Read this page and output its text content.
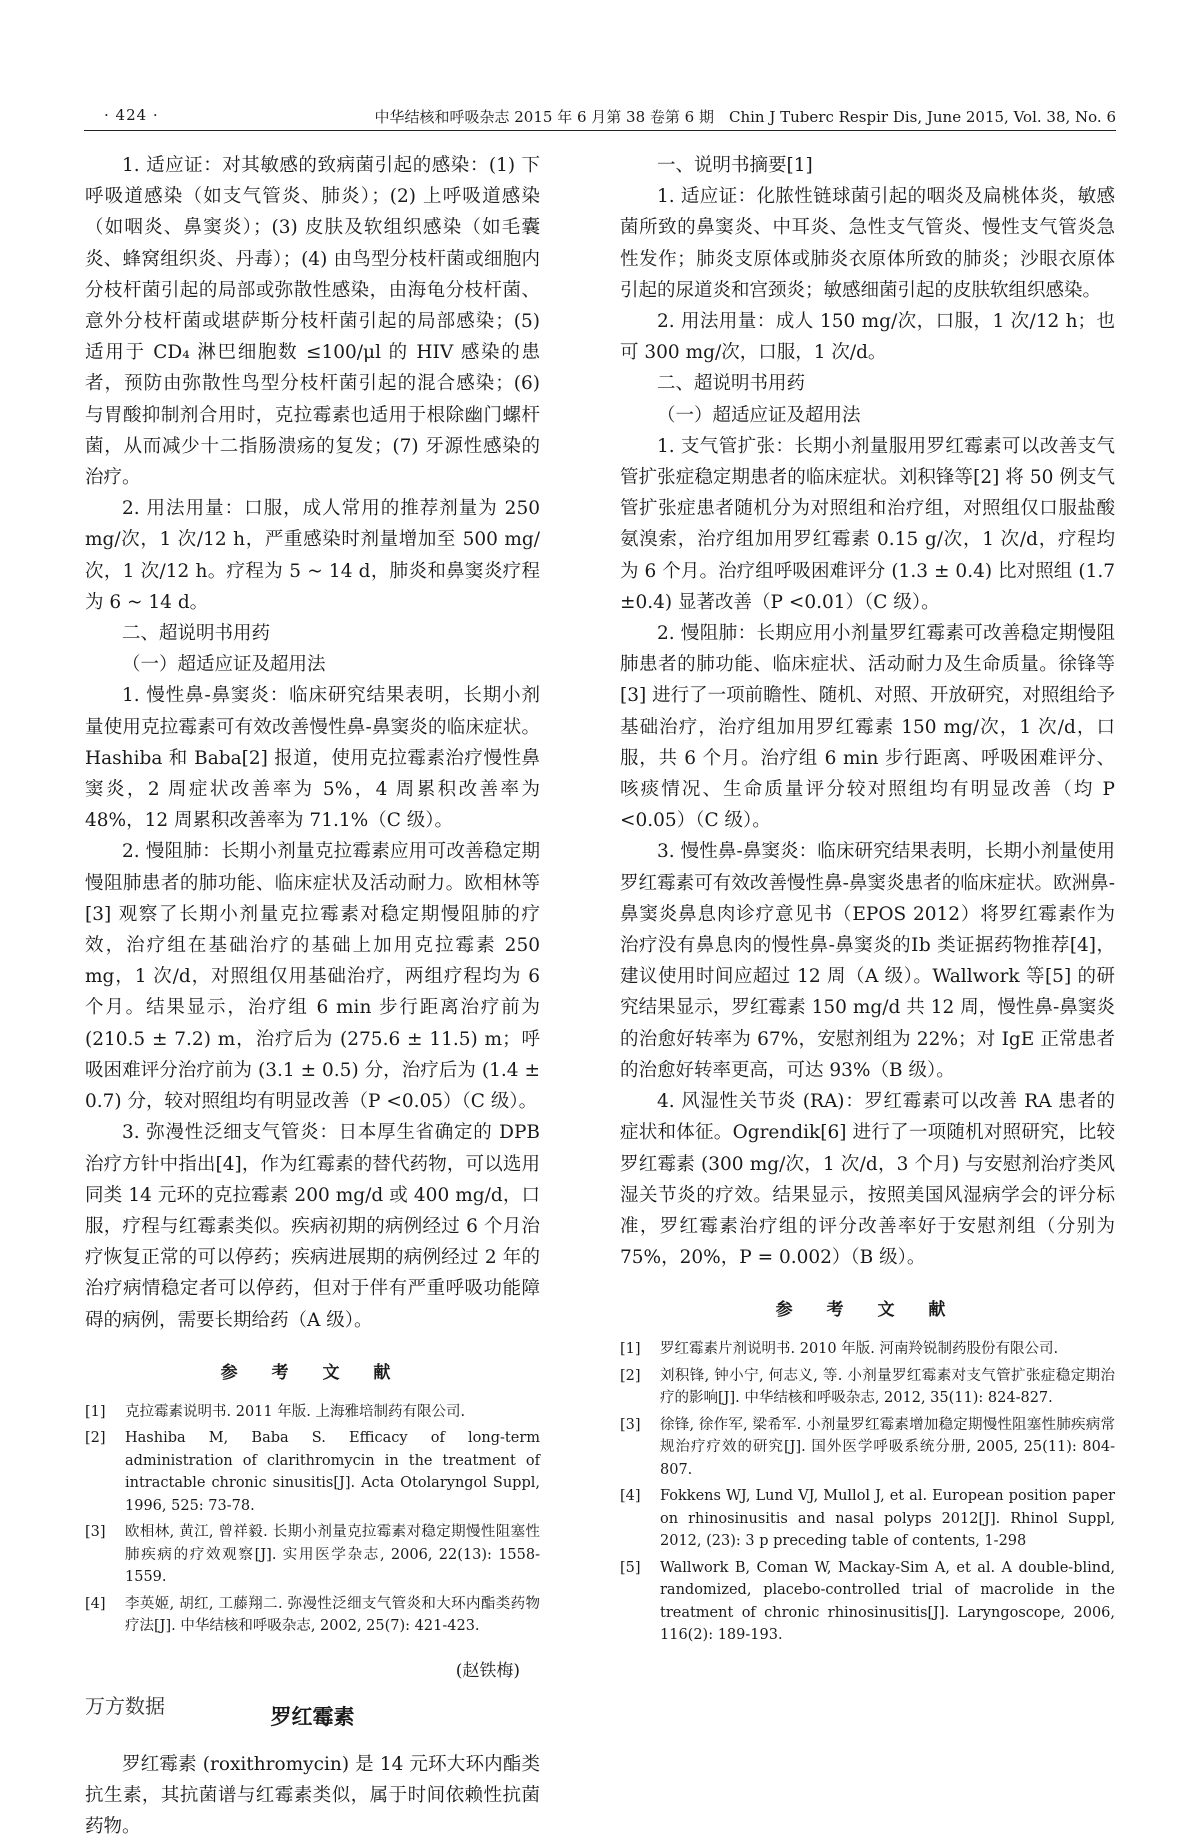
· 424 ·	中华结核和呼吸杂志 2015 年 6 月第 38 卷第 6 期　Chin J Tuberc Respir Dis, June 2015, Vol. 38, No. 6

1. 适应证：对其敏感的致病菌引起的感染：(1) 下呼吸道感染（如支气管炎、肺炎）；(2) 上呼吸道感染（如咽炎、鼻窦炎）；(3) 皮肤及软组织感染（如毛囊炎、蜂窝组织炎、丹毒）；(4) 由鸟型分枝杆菌或细胞内分枝杆菌引起的局部或弥散性感染，由海龟分枝杆菌、意外分枝杆菌或堪萨斯分枝杆菌引起的局部感染；(5) 适用于 CD₄ 淋巴细胞数 ≤100/μl 的 HIV 感染的患者，预防由弥散性鸟型分枝杆菌引起的混合感染；(6) 与胃酸抑制剂合用时，克拉霉素也适用于根除幽门螺杆菌，从而减少十二指肠溃疡的复发；(7) 牙源性感染的治疗。

2. 用法用量：口服，成人常用的推荐剂量为 250 mg/次，1 次/12 h，严重感染时剂量增加至 500 mg/次，1 次/12 h。疗程为 5 ~ 14 d，肺炎和鼻窦炎疗程为 6 ~ 14 d。

二、超说明书用药

（一）超适应证及超用法

1. 慢性鼻-鼻窦炎：临床研究结果表明，长期小剂量使用克拉霉素可有效改善慢性鼻-鼻窦炎的临床症状。Hashiba 和 Baba[2] 报道，使用克拉霉素治疗慢性鼻窦炎，2 周症状改善率为 5%，4 周累积改善率为 48%，12 周累积改善率为 71.1%（C 级）。

2. 慢阻肺：长期小剂量克拉霉素应用可改善稳定期慢阻肺患者的肺功能、临床症状及活动耐力。欧相林等[3] 观察了长期小剂量克拉霉素对稳定期慢阻肺的疗效，治疗组在基础治疗的基础上加用克拉霉素 250 mg，1 次/d，对照组仅用基础治疗，两组疗程均为 6 个月。结果显示，治疗组 6 min 步行距离治疗前为 (210.5 ± 7.2) m，治疗后为 (275.6 ± 11.5) m；呼吸困难评分治疗前为 (3.1 ± 0.5) 分，治疗后为 (1.4 ± 0.7) 分，较对照组均有明显改善（P <0.05）（C 级）。

3. 弥漫性泛细支气管炎：日本厚生省确定的 DPB 治疗方针中指出[4]，作为红霉素的替代药物，可以选用同类 14 元环的克拉霉素 200 mg/d 或 400 mg/d，口服，疗程与红霉素类似。疾病初期的病例经过 6 个月治疗恢复正常的可以停药；疾病进展期的病例经过 2 年的治疗病情稳定者可以停药，但对于伴有严重呼吸功能障碍的病例，需要长期给药（A 级）。

参 考 文 献
[1]	克拉霉素说明书. 2011 年版. 上海雅培制药有限公司.
[2]	Hashiba M, Baba S. Efficacy of long-term administration of clarithromycin in the treatment of intractable chronic sinusitis[J]. Acta Otolaryngol Suppl, 1996, 525: 73-78.
[3]	欧相林, 黄江, 曾祥毅. 长期小剂量克拉霉素对稳定期慢性阻塞性肺疾病的疗效观察[J]. 实用医学杂志, 2006, 22(13): 1558-1559.
[4]	李英姬, 胡红, 工藤翔二. 弥漫性泛细支气管炎和大环内酯类药物疗法[J]. 中华结核和呼吸杂志, 2002, 25(7): 421-423.
(赵铁梅)
罗红霉素

罗红霉素 (roxithromycin) 是 14 元环大环内酯类抗生素，其抗菌谱与红霉素类似，属于时间依赖性抗菌药物。

一、说明书摘要[1]

1. 适应证：化脓性链球菌引起的咽炎及扁桃体炎，敏感菌所致的鼻窦炎、中耳炎、急性支气管炎、慢性支气管炎急性发作；肺炎支原体或肺炎衣原体所致的肺炎；沙眼衣原体引起的尿道炎和宫颈炎；敏感细菌引起的皮肤软组织感染。

2. 用法用量：成人 150 mg/次，口服，1 次/12 h；也可 300 mg/次，口服，1 次/d。

二、超说明书用药

（一）超适应证及超用法

1. 支气管扩张：长期小剂量服用罗红霉素可以改善支气管扩张症稳定期患者的临床症状。刘积锋等[2] 将 50 例支气管扩张症患者随机分为对照组和治疗组，对照组仅口服盐酸氨溴索，治疗组加用罗红霉素 0.15 g/次，1 次/d，疗程均为 6 个月。治疗组呼吸困难评分 (1.3 ± 0.4) 比对照组 (1.7 ±0.4) 显著改善（P <0.01）（C 级）。

2. 慢阻肺：长期应用小剂量罗红霉素可改善稳定期慢阻肺患者的肺功能、临床症状、活动耐力及生命质量。徐锋等[3] 进行了一项前瞻性、随机、对照、开放研究，对照组给予基础治疗，治疗组加用罗红霉素 150 mg/次，1 次/d，口服，共 6 个月。治疗组 6 min 步行距离、呼吸困难评分、咳痰情况、生命质量评分较对照组均有明显改善（均 P <0.05）（C 级）。

3. 慢性鼻-鼻窦炎：临床研究结果表明，长期小剂量使用罗红霉素可有效改善慢性鼻-鼻窦炎患者的临床症状。欧洲鼻-鼻窦炎鼻息肉诊疗意见书（EPOS 2012）将罗红霉素作为治疗没有鼻息肉的慢性鼻-鼻窦炎的Ⅰb 类证据药物推荐[4]，建议使用时间应超过 12 周（A 级）。Wallwork 等[5] 的研究结果显示，罗红霉素 150 mg/d 共 12 周，慢性鼻-鼻窦炎的治愈好转率为 67%，安慰剂组为 22%；对 IgE 正常患者的治愈好转率更高，可达 93%（B 级）。

4. 风湿性关节炎 (RA)：罗红霉素可以改善 RA 患者的症状和体征。Ogrendik[6] 进行了一项随机对照研究，比较罗红霉素 (300 mg/次，1 次/d，3 个月) 与安慰剂治疗类风湿关节炎的疗效。结果显示，按照美国风湿病学会的评分标准，罗红霉素治疗组的评分改善率好于安慰剂组（分别为 75%，20%，P = 0.002）（B 级）。

参 考 文 献
[1]	罗红霉素片剂说明书. 2010 年版. 河南羚锐制药股份有限公司.
[2]	刘积锋, 钟小宁, 何志义, 等. 小剂量罗红霉素对支气管扩张症稳定期治疗的影响[J]. 中华结核和呼吸杂志, 2012, 35(11): 824-827.
[3]	徐锋, 徐作军, 梁希军. 小剂量罗红霉素增加稳定期慢性阻塞性肺疾病常规治疗疗效的研究[J]. 国外医学呼吸系统分册, 2005, 25(11): 804-807.
[4]	Fokkens WJ, Lund VJ, Mullol J, et al. European position paper on rhinosinusitis and nasal polyps 2012[J]. Rhinol Suppl, 2012, (23): 3 p preceding table of contents, 1-298
[5]	Wallwork B, Coman W, Mackay-Sim A, et al. A double-blind, randomized, placebo-controlled trial of macrolide in the treatment of chronic rhinosinusitis[J]. Laryngoscope, 2006, 116(2): 189-193.
万方数据
